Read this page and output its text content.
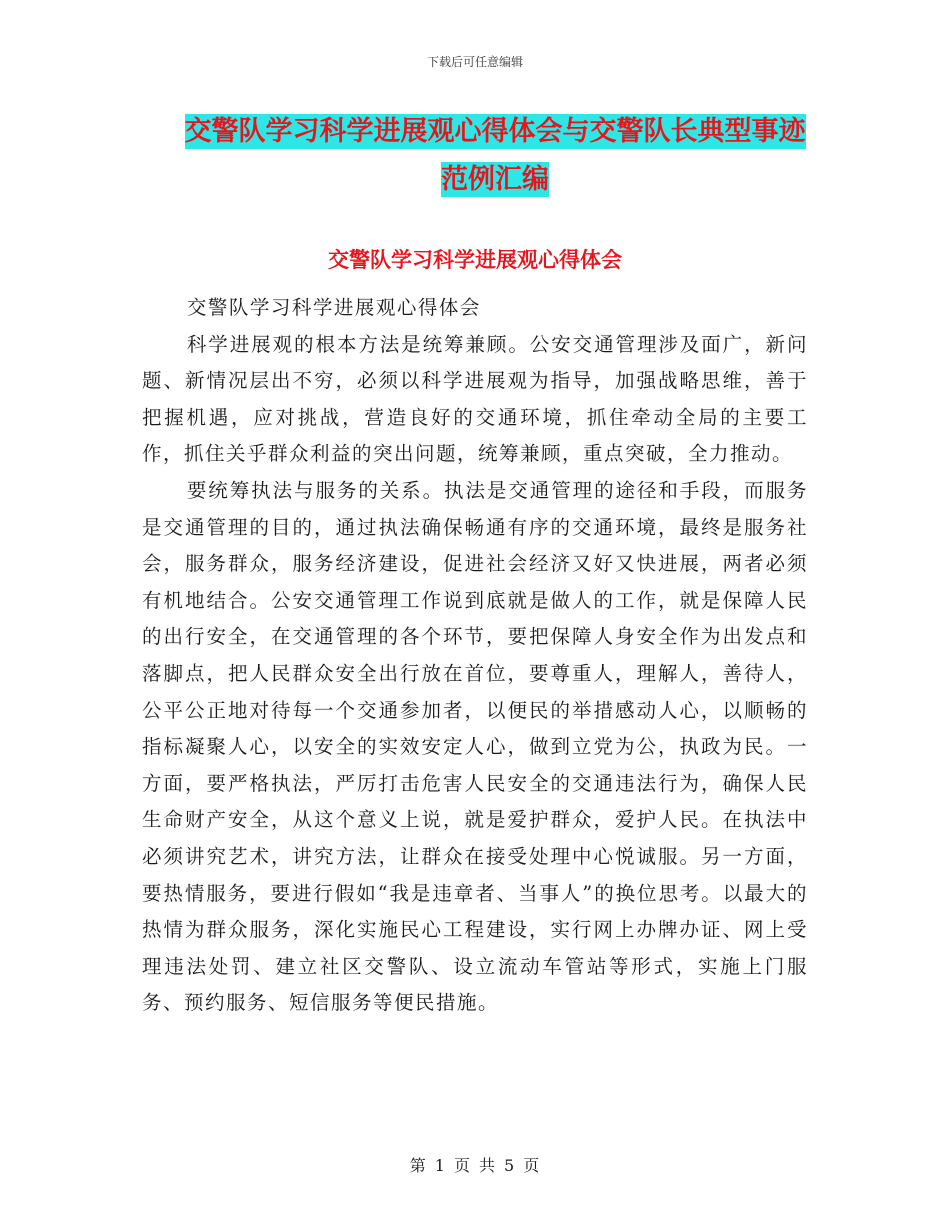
下载后可任意编辑
交警队学习科学进展观心得体会与交警队长典型事迹
范例汇编
交警队学习科学进展观心得体会

交警队学习科学进展观心得体会

科学进展观的根本方法是统筹兼顾。公安交通管理涉及面广，新问题、新情况层出不穷，必须以科学进展观为指导，加强战略思维，善于把握机遇，应对挑战，营造良好的交通环境，抓住牵动全局的主要工作，抓住关乎群众利益的突出问题，统筹兼顾，重点突破，全力推动。

要统筹执法与服务的关系。执法是交通管理的途径和手段，而服务是交通管理的目的，通过执法确保畅通有序的交通环境，最终是服务社会，服务群众，服务经济建设，促进社会经济又好又快进展，两者必须有机地结合。公安交通管理工作说到底就是做人的工作，就是保障人民的出行安全，在交通管理的各个环节，要把保障人身安全作为出发点和落脚点，把人民群众安全出行放在首位，要尊重人，理解人，善待人，公平公正地对待每一个交通参加者，以便民的举措感动人心，以顺畅的指标凝聚人心，以安全的实效安定人心，做到立党为公，执政为民。一方面，要严格执法，严厉打击危害人民安全的交通违法行为，确保人民生命财产安全，从这个意义上说，就是爱护群众，爱护人民。在执法中必须讲究艺术，讲究方法，让群众在接受处理中心悦诚服。另一方面，要热情服务，要进行假如“我是违章者、当事人”的换位思考。以最大的热情为群众服务，深化实施民心工程建设，实行网上办牌办证、网上受理违法处罚、建立社区交警队、设立流动车管站等形式，实施上门服务、预约服务、短信服务等便民措施。

第 1 页 共 5 页
